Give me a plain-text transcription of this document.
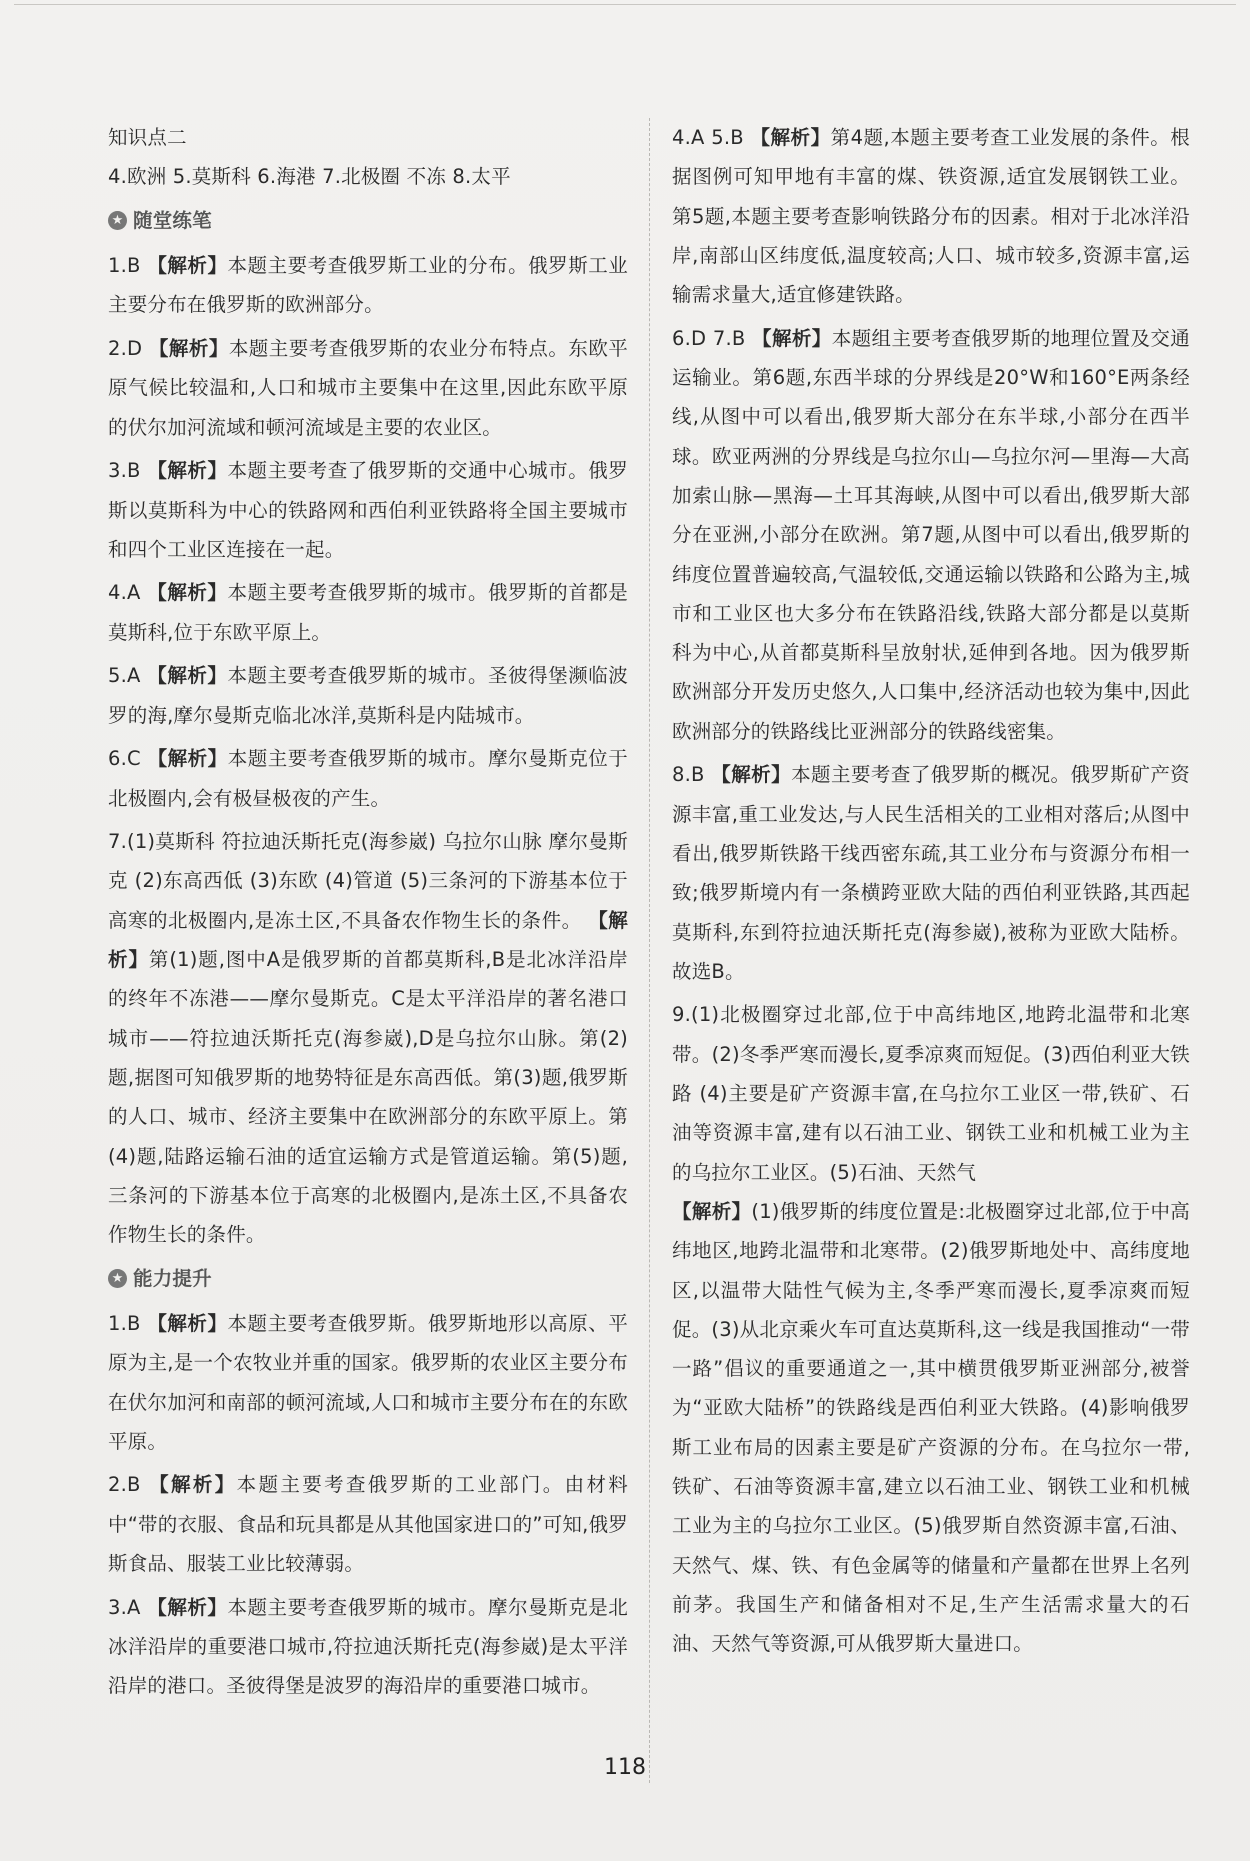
知识点二
4.欧洲 5.莫斯科 6.海港 7.北极圈 不冻 8.太平
★ 随堂练笔
1.B 【解析】本题主要考查俄罗斯工业的分布。俄罗斯工业主要分布在俄罗斯的欧洲部分。
2.D 【解析】本题主要考查俄罗斯的农业分布特点。东欧平原气候比较温和,人口和城市主要集中在这里,因此东欧平原的伏尔加河流域和顿河流域是主要的农业区。
3.B 【解析】本题主要考查了俄罗斯的交通中心城市。俄罗斯以莫斯科为中心的铁路网和西伯利亚铁路将全国主要城市和四个工业区连接在一起。
4.A 【解析】本题主要考查俄罗斯的城市。俄罗斯的首都是莫斯科,位于东欧平原上。
5.A 【解析】本题主要考查俄罗斯的城市。圣彼得堡濒临波罗的海,摩尔曼斯克临北冰洋,莫斯科是内陆城市。
6.C 【解析】本题主要考查俄罗斯的城市。摩尔曼斯克位于北极圈内,会有极昼极夜的产生。
7.(1)莫斯科 符拉迪沃斯托克(海参崴) 乌拉尔山脉 摩尔曼斯克 (2)东高西低 (3)东欧 (4)管道 (5)三条河的下游基本位于高寒的北极圈内,是冻土区,不具备农作物生长的条件。 【解析】第(1)题,图中A是俄罗斯的首都莫斯科,B是北冰洋沿岸的终年不冻港——摩尔曼斯克。C是太平洋沿岸的著名港口城市——符拉迪沃斯托克(海参崴),D是乌拉尔山脉。第(2)题,据图可知俄罗斯的地势特征是东高西低。第(3)题,俄罗斯的人口、城市、经济主要集中在欧洲部分的东欧平原上。第(4)题,陆路运输石油的适宜运输方式是管道运输。第(5)题,三条河的下游基本位于高寒的北极圈内,是冻土区,不具备农作物生长的条件。
★ 能力提升
1.B 【解析】本题主要考查俄罗斯。俄罗斯地形以高原、平原为主,是一个农牧业并重的国家。俄罗斯的农业区主要分布在伏尔加河和南部的顿河流域,人口和城市主要分布在的东欧平原。
2.B 【解析】本题主要考查俄罗斯的工业部门。由材料中“带的衣服、食品和玩具都是从其他国家进口的”可知,俄罗斯食品、服装工业比较薄弱。
3.A 【解析】本题主要考查俄罗斯的城市。摩尔曼斯克是北冰洋沿岸的重要港口城市,符拉迪沃斯托克(海参崴)是太平洋沿岸的港口。圣彼得堡是波罗的海沿岸的重要港口城市。
4.A 5.B 【解析】第4题,本题主要考查工业发展的条件。根据图例可知甲地有丰富的煤、铁资源,适宜发展钢铁工业。第5题,本题主要考查影响铁路分布的因素。相对于北冰洋沿岸,南部山区纬度低,温度较高;人口、城市较多,资源丰富,运输需求量大,适宜修建铁路。
6.D 7.B 【解析】本题组主要考查俄罗斯的地理位置及交通运输业。第6题,东西半球的分界线是20°W和160°E两条经线,从图中可以看出,俄罗斯大部分在东半球,小部分在西半球。欧亚两洲的分界线是乌拉尔山—乌拉尔河—里海—大高加索山脉—黑海—土耳其海峡,从图中可以看出,俄罗斯大部分在亚洲,小部分在欧洲。第7题,从图中可以看出,俄罗斯的纬度位置普遍较高,气温较低,交通运输以铁路和公路为主,城市和工业区也大多分布在铁路沿线,铁路大部分都是以莫斯科为中心,从首都莫斯科呈放射状,延伸到各地。因为俄罗斯欧洲部分开发历史悠久,人口集中,经济活动也较为集中,因此欧洲部分的铁路线比亚洲部分的铁路线密集。
8.B 【解析】本题主要考查了俄罗斯的概况。俄罗斯矿产资源丰富,重工业发达,与人民生活相关的工业相对落后;从图中看出,俄罗斯铁路干线西密东疏,其工业分布与资源分布相一致;俄罗斯境内有一条横跨亚欧大陆的西伯利亚铁路,其西起莫斯科,东到符拉迪沃斯托克(海参崴),被称为亚欧大陆桥。故选B。
9.(1)北极圈穿过北部,位于中高纬地区,地跨北温带和北寒带。(2)冬季严寒而漫长,夏季凉爽而短促。(3)西伯利亚大铁路 (4)主要是矿产资源丰富,在乌拉尔工业区一带,铁矿、石油等资源丰富,建有以石油工业、钢铁工业和机械工业为主的乌拉尔工业区。(5)石油、天然气
【解析】(1)俄罗斯的纬度位置是:北极圈穿过北部,位于中高纬地区,地跨北温带和北寒带。(2)俄罗斯地处中、高纬度地区,以温带大陆性气候为主,冬季严寒而漫长,夏季凉爽而短促。(3)从北京乘火车可直达莫斯科,这一线是我国推动“一带一路”倡议的重要通道之一,其中横贯俄罗斯亚洲部分,被誉为“亚欧大陆桥”的铁路线是西伯利亚大铁路。(4)影响俄罗斯工业布局的因素主要是矿产资源的分布。在乌拉尔一带,铁矿、石油等资源丰富,建立以石油工业、钢铁工业和机械工业为主的乌拉尔工业区。(5)俄罗斯自然资源丰富,石油、天然气、煤、铁、有色金属等的储量和产量都在世界上名列前茅。我国生产和储备相对不足,生产生活需求量大的石油、天然气等资源,可从俄罗斯大量进口。
118
